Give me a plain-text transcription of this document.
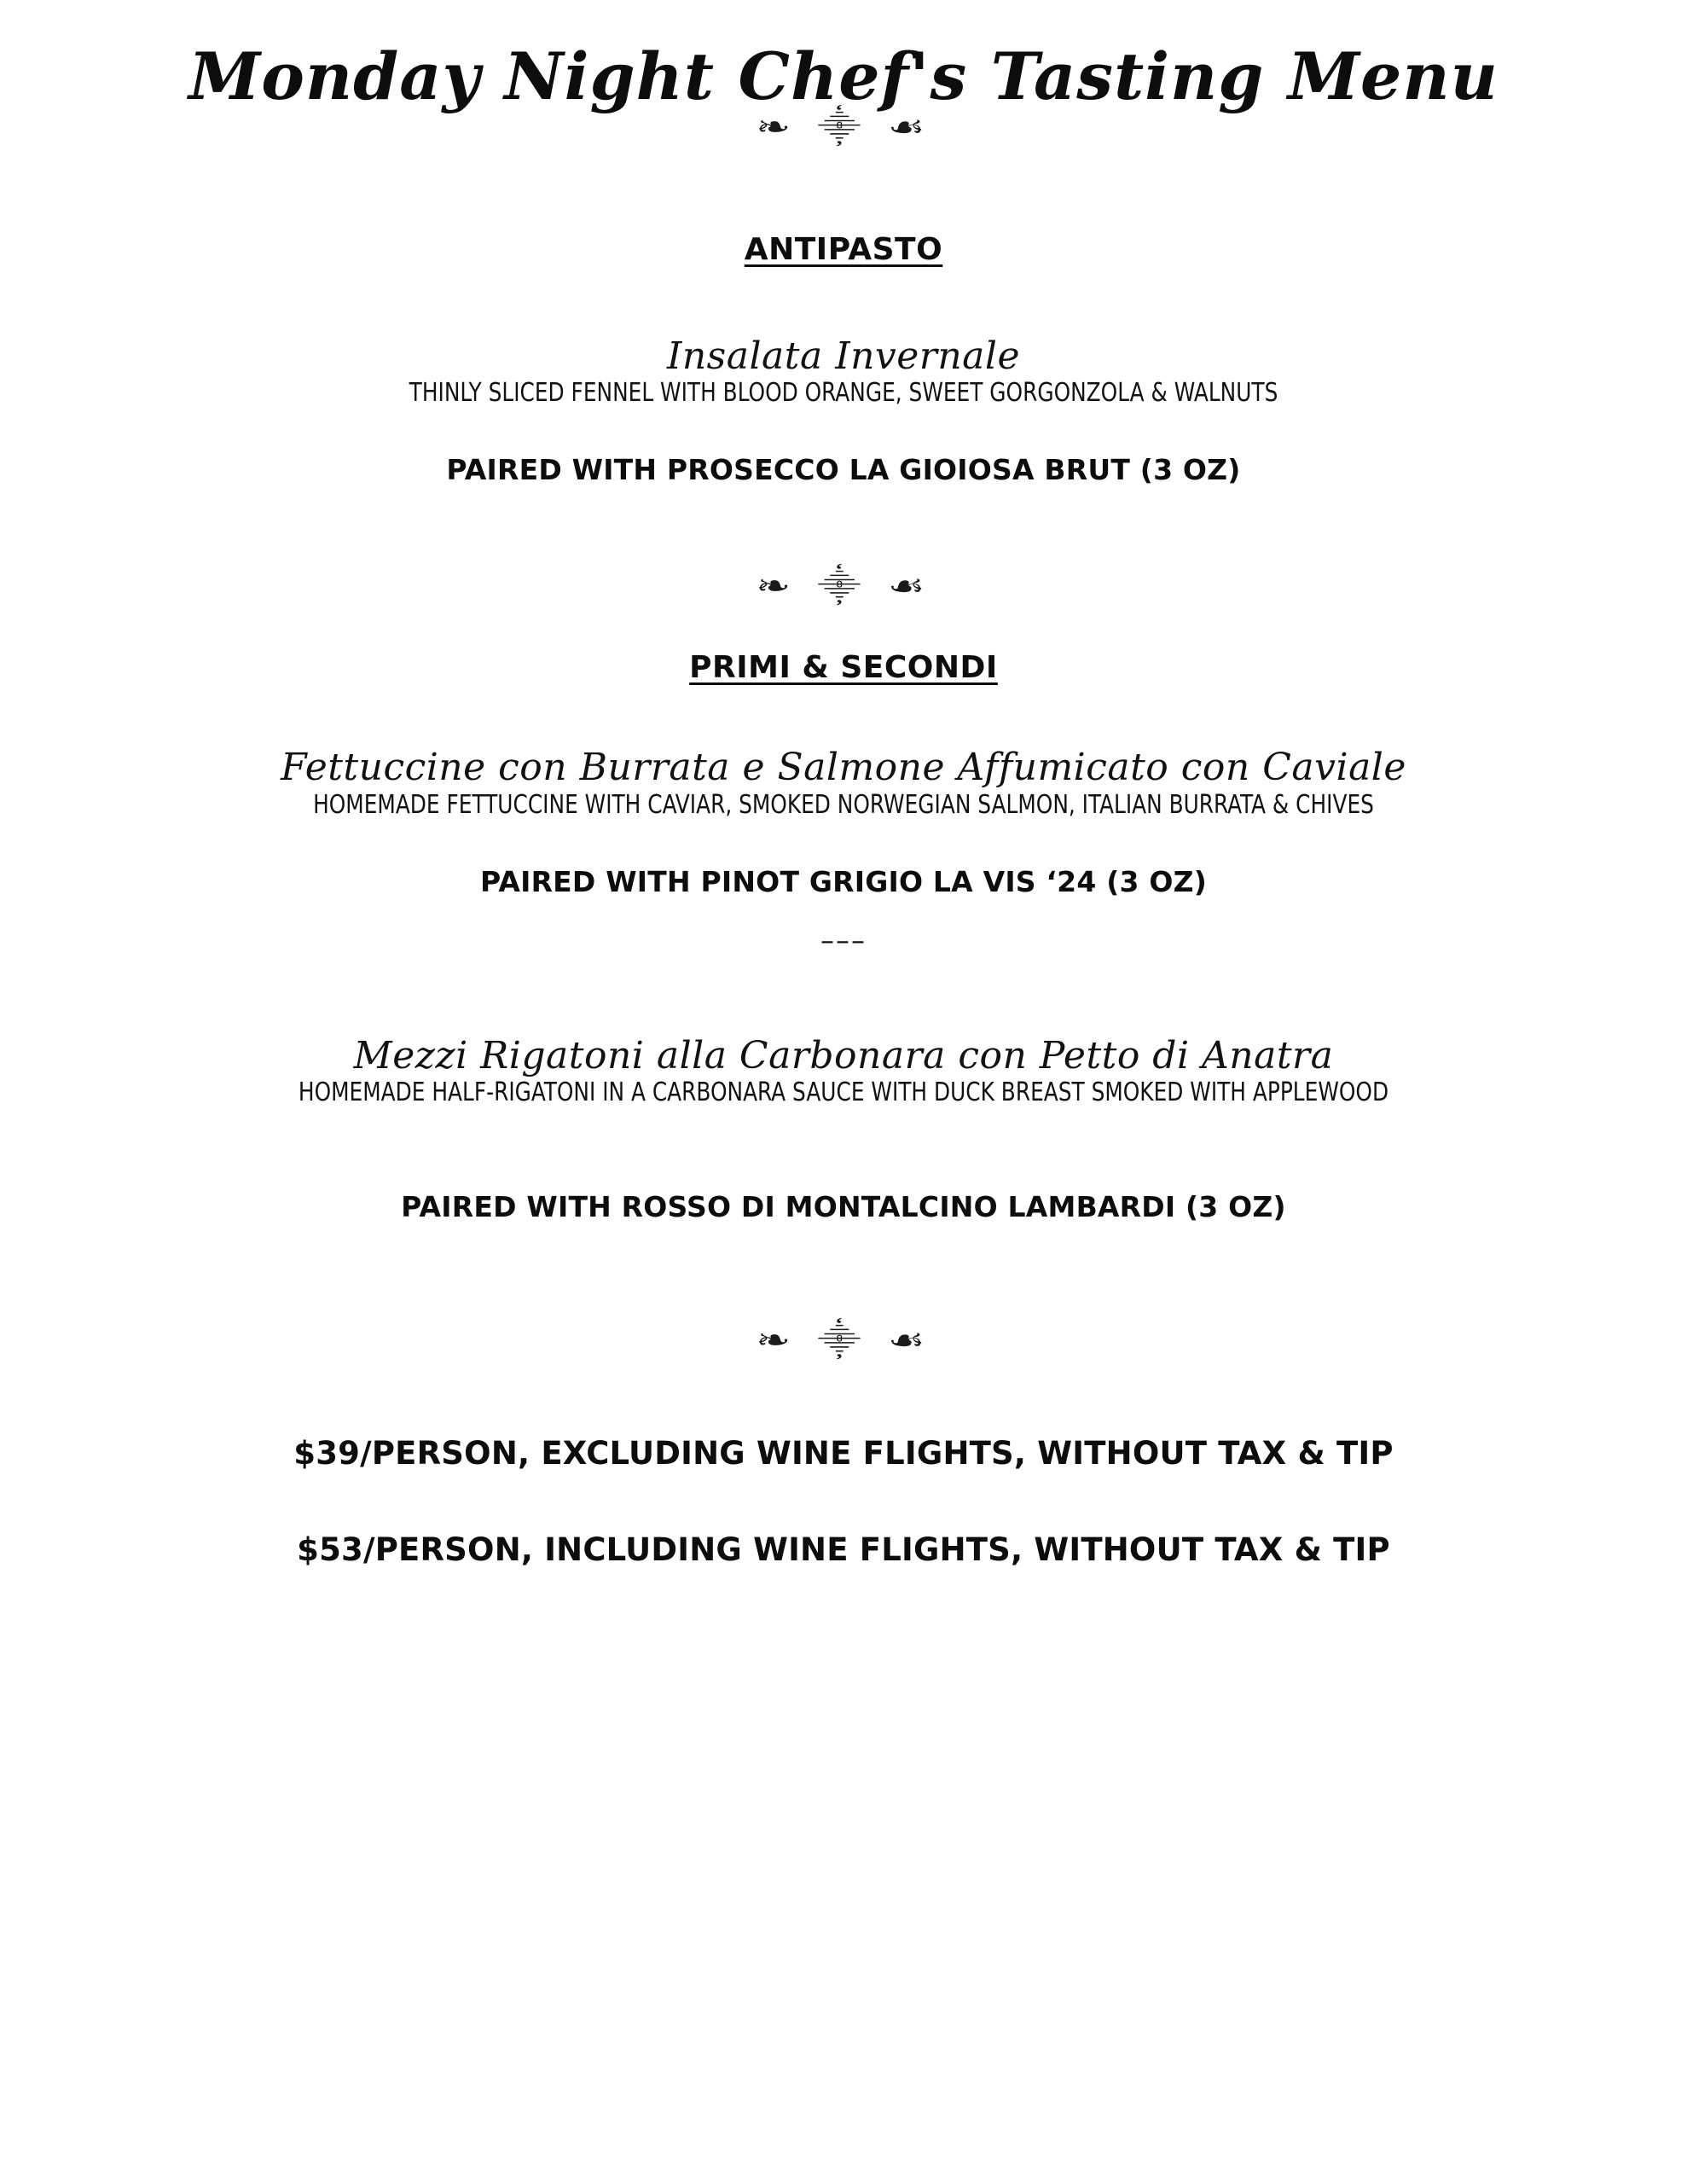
Monday Night Chef's Tasting Menu
❧ ⸎ ☙
ANTIPASTO
Insalata Invernale
THINLY SLICED FENNEL WITH BLOOD ORANGE, SWEET GORGONZOLA & WALNUTS
PAIRED WITH PROSECCO LA GIOIOSA BRUT (3 OZ)
❧ ⸎ ☙
PRIMI & SECONDI
Fettuccine con Burrata e Salmone Affumicato con Caviale
HOMEMADE FETTUCCINE WITH CAVIAR, SMOKED NORWEGIAN SALMON, ITALIAN BURRATA & CHIVES
PAIRED WITH PINOT GRIGIO LA VIS ‘24 (3 OZ)
–––
Mezzi Rigatoni alla Carbonara con Petto di Anatra
HOMEMADE HALF-RIGATONI IN A CARBONARA SAUCE WITH DUCK BREAST SMOKED WITH APPLEWOOD
PAIRED WITH ROSSO DI MONTALCINO LAMBARDI (3 OZ)
❧ ⸎ ☙
$39/PERSON, EXCLUDING WINE FLIGHTS, WITHOUT TAX & TIP
$53/PERSON, INCLUDING WINE FLIGHTS, WITHOUT TAX & TIP
